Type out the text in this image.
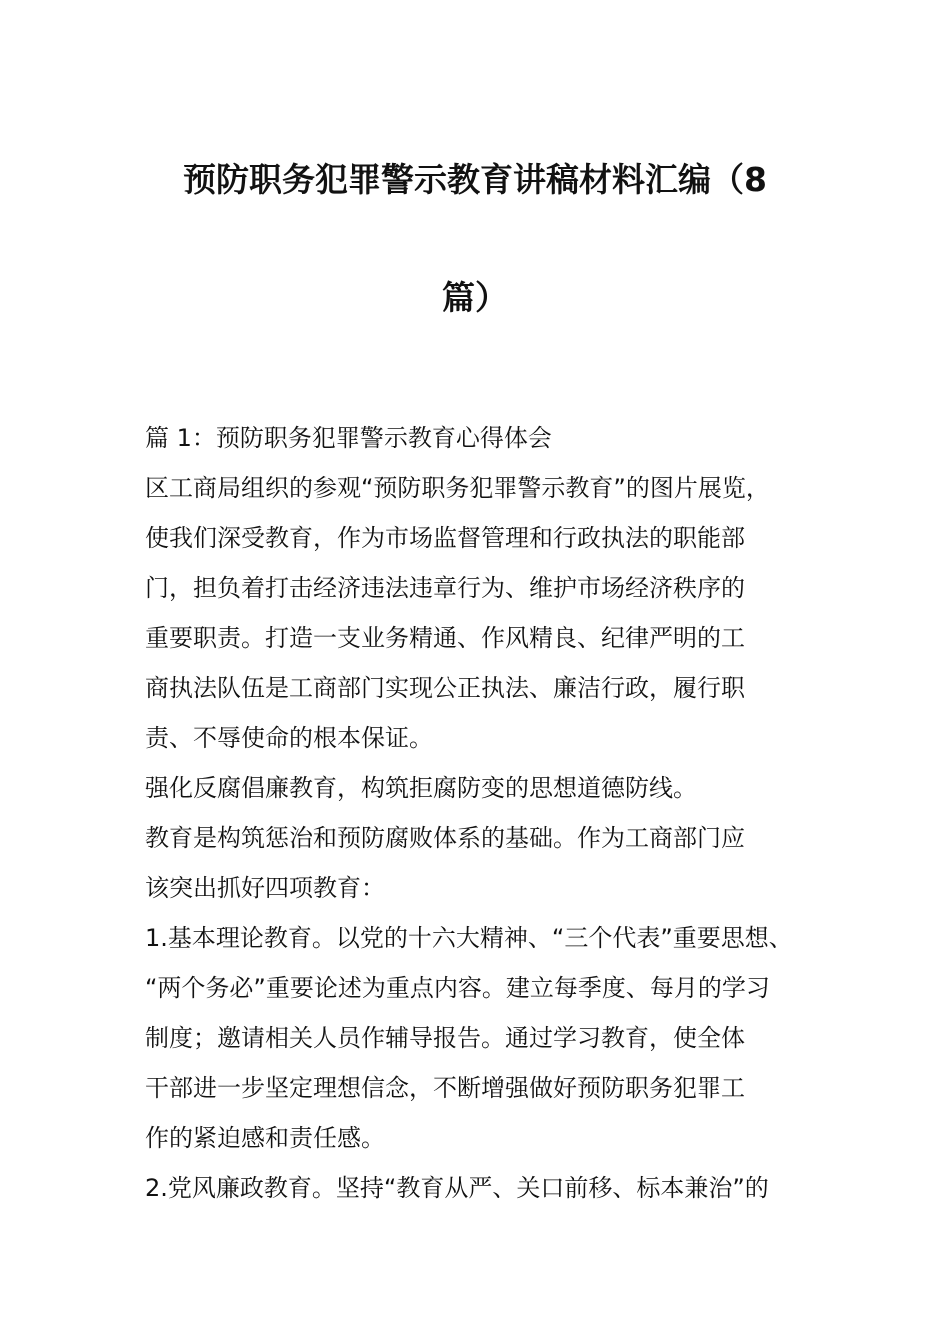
预防职务犯罪警示教育讲稿材料汇编（8
篇）
篇 1：预防职务犯罪警示教育心得体会
区工商局组织的参观“预防职务犯罪警示教育”的图片展览，
使我们深受教育，作为市场监督管理和行政执法的职能部
门，担负着打击经济违法违章行为、维护市场经济秩序的
重要职责。打造一支业务精通、作风精良、纪律严明的工
商执法队伍是工商部门实现公正执法、廉洁行政，履行职
责、不辱使命的根本保证。
强化反腐倡廉教育，构筑拒腐防变的思想道德防线。
教育是构筑惩治和预防腐败体系的基础。作为工商部门应
该突出抓好四项教育：
1.基本理论教育。以党的十六大精神、“三个代表”重要思想、
“两个务必”重要论述为重点内容。建立每季度、每月的学习
制度；邀请相关人员作辅导报告。通过学习教育，使全体
干部进一步坚定理想信念，不断增强做好预防职务犯罪工
作的紧迫感和责任感。
2.党风廉政教育。坚持“教育从严、关口前移、标本兼治”的
